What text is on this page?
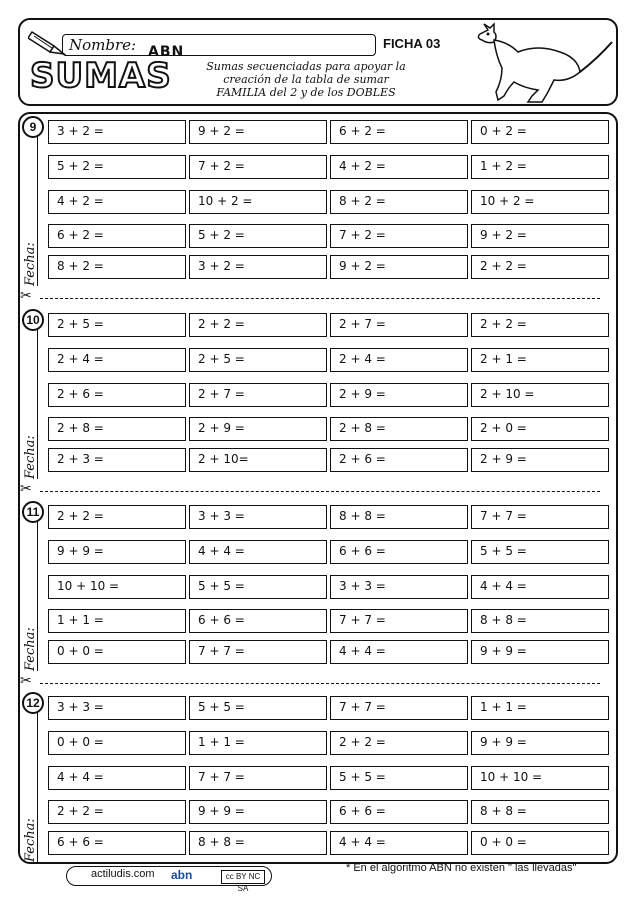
Nombre:	FICHA 03
SUMAS
ABN
Sumas secuenciadas para apoyar la
creación de la tabla de sumar
FAMILIA del 2 y de los DOBLES
9
Fecha:
3 + 2 =	9 + 2 =	6 + 2 =	0 + 2 =
5 + 2 =	7 + 2 =	4 + 2 =	1 + 2 =
4 + 2 =	10 + 2 =	8 + 2 =	10 + 2 =
6 + 2 =	5 + 2 =	7 + 2 =	9 + 2 =
8 + 2 =	3 + 2 =	9 + 2 =	2 + 2 =
✂
10
Fecha:
2 + 5 =	2 + 2 =	2 + 7 =	2 + 2 =
2 + 4 =	2 + 5 =	2 + 4 =	2 + 1 =
2 + 6 =	2 + 7 =	2 + 9 =	2 + 10 =
2 + 8 =	2 + 9 =	2 + 8 =	2 + 0 =
2 + 3 =	2 + 10=	2 + 6 =	2 + 9 =
✂
11
Fecha:
2 + 2 =	3 + 3 =	8 + 8 =	7 + 7 =
9 + 9 =	4 + 4 =	6 + 6 =	5 + 5 =
10 + 10 =	5 + 5 =	3 + 3 =	4 + 4 =
1 + 1 =	6 + 6 =	7 + 7 =	8 + 8 =
0 + 0 =	7 + 7 =	4 + 4 =	9 + 9 =
✂
12
Fecha:
3 + 3 =	5 + 5 =	7 + 7 =	1 + 1 =
0 + 0 =	1 + 1 =	2 + 2 =	9 + 9 =
4 + 4 =	7 + 7 =	5 + 5 =	10 + 10 =
2 + 2 =	9 + 9 =	6 + 6 =	8 + 8 =
6 + 6 =	8 + 8 =	4 + 4 =	0 + 0 =
actiludis.com abn	cc BY NC SA
* En el algoritmo ABN no existen " las llevadas"
